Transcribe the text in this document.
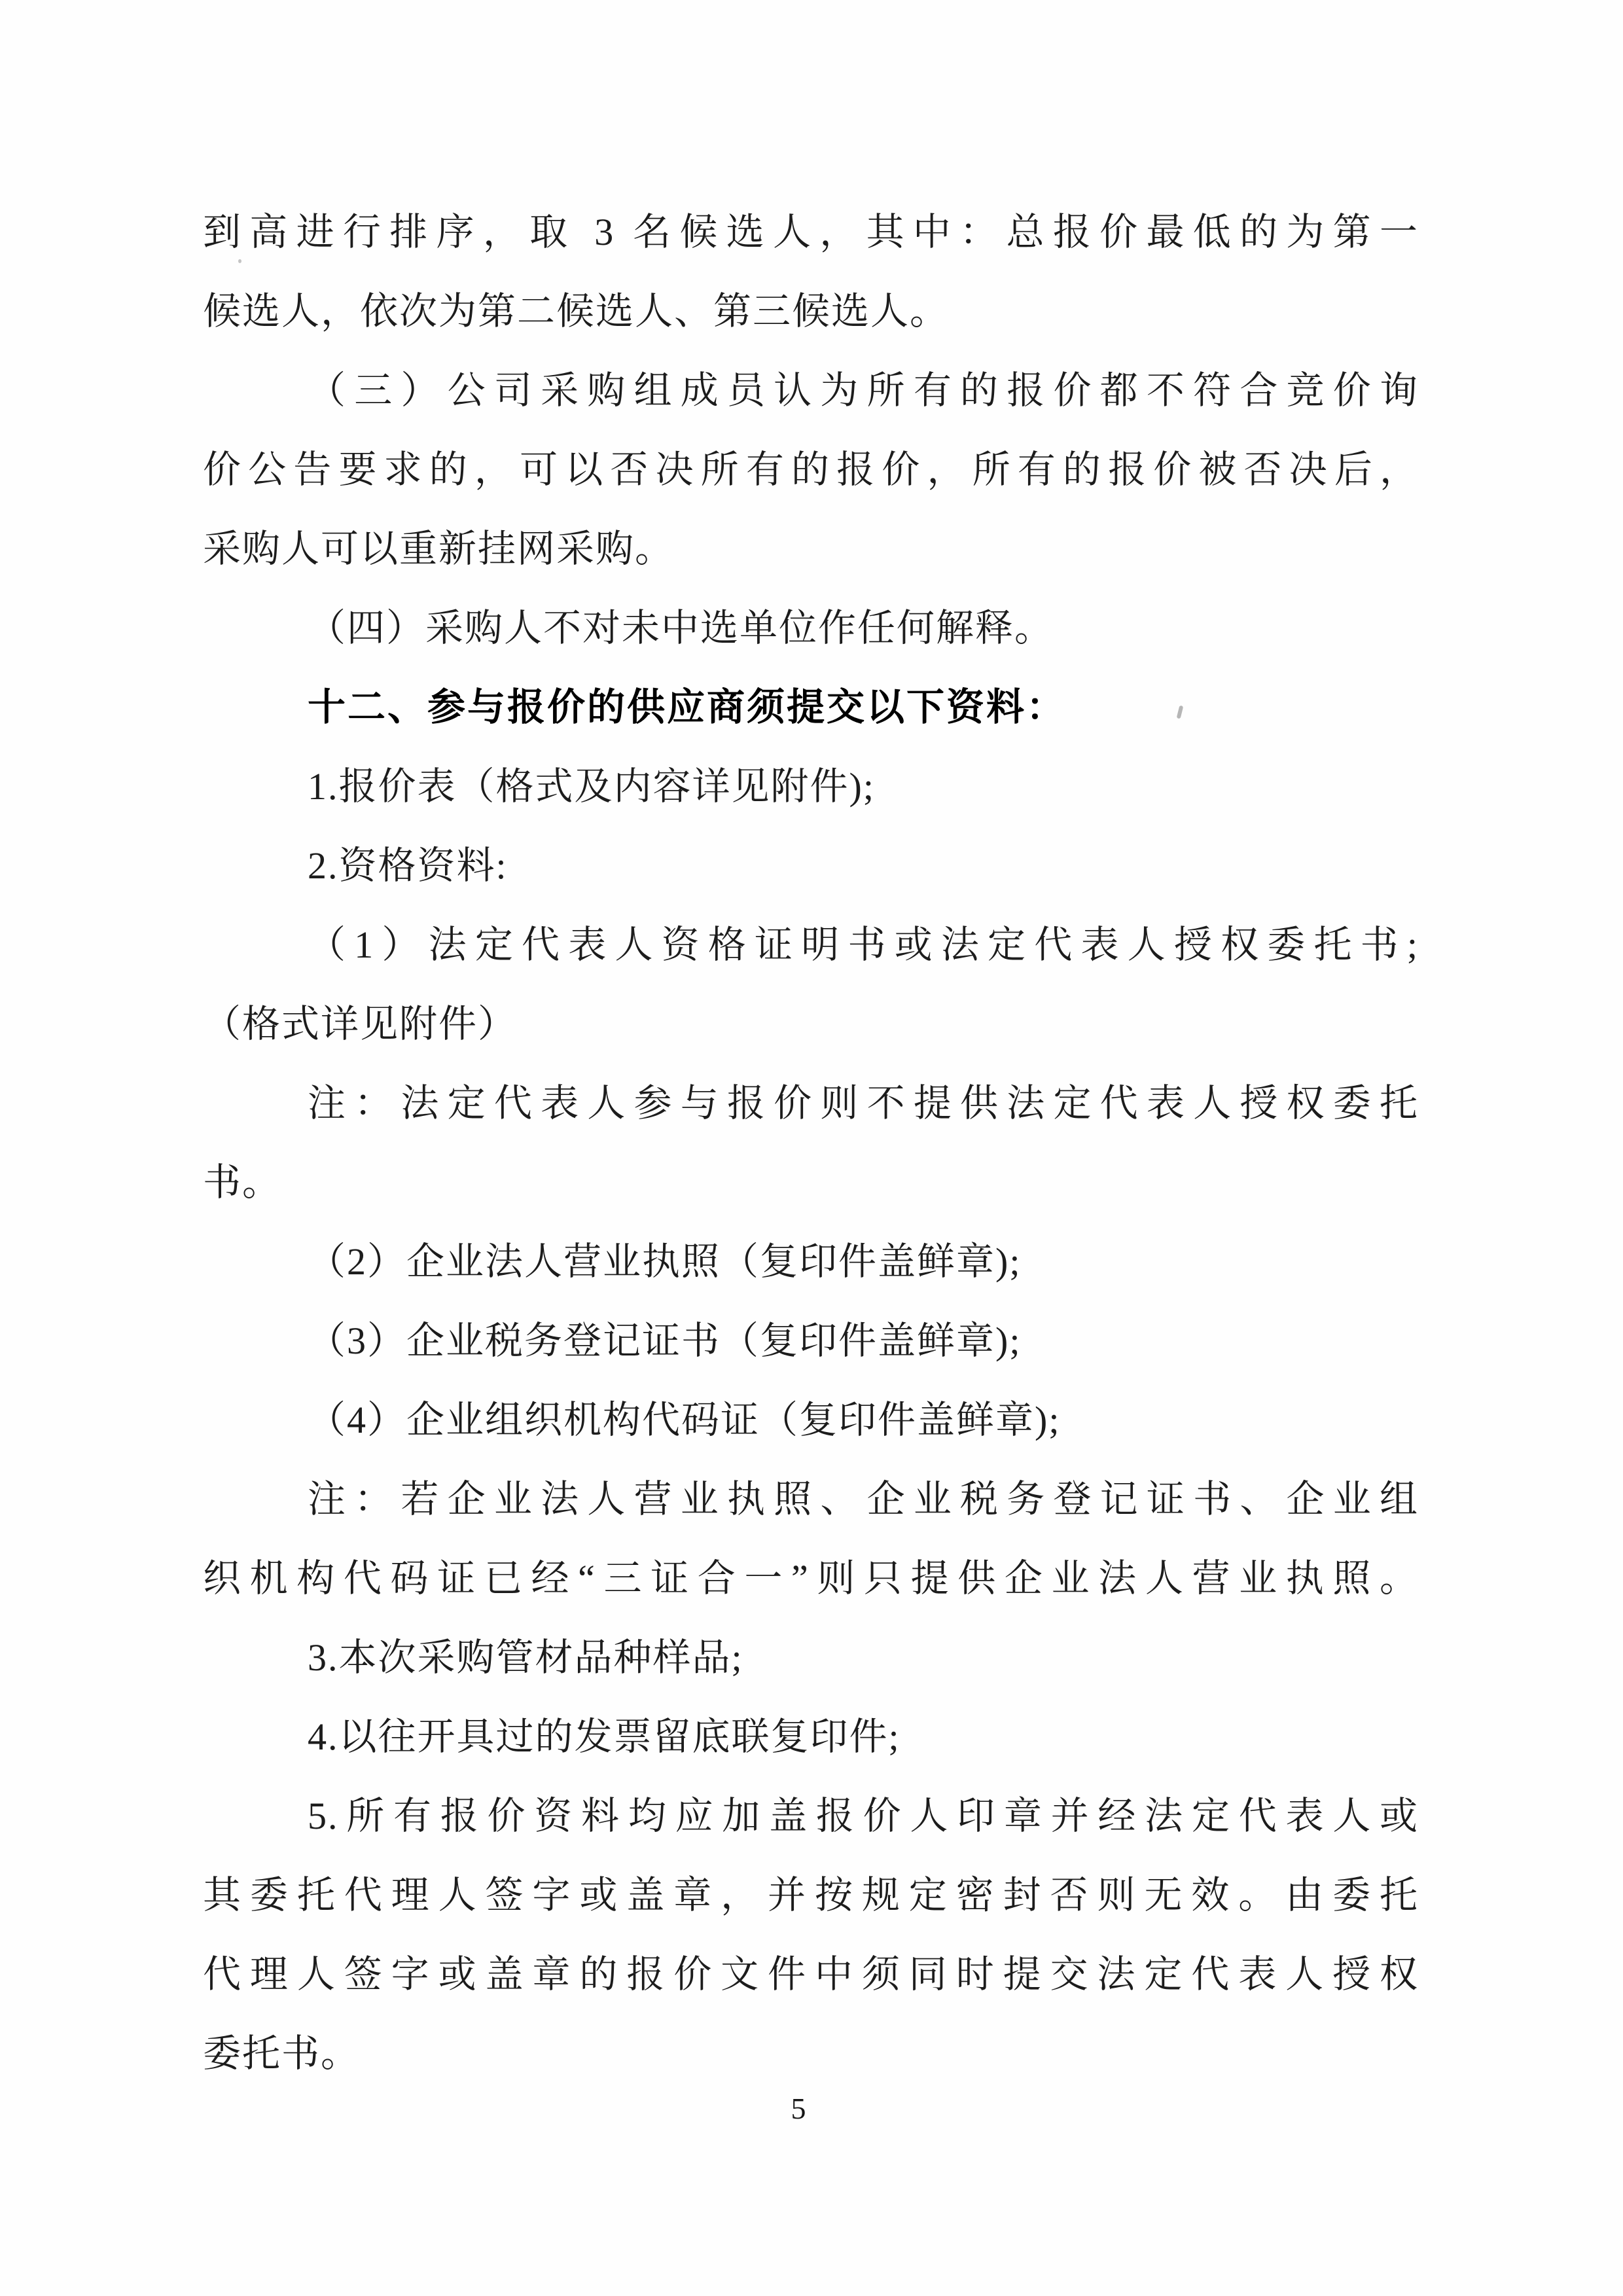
到高进行排序，取 3 名候选人，其中：总报价最低的为第一
候选人，依次为第二候选人、第三候选人。
（三）公司采购组成员认为所有的报价都不符合竞价询
价公告要求的，可以否决所有的报价，所有的报价被否决后，
采购人可以重新挂网采购。
（四）采购人不对未中选单位作任何解释。
十二、参与报价的供应商须提交以下资料：
1.报价表（格式及内容详见附件);
2.资格资料:
（1）法定代表人资格证明书或法定代表人授权委托书;
（格式详见附件）
注：法定代表人参与报价则不提供法定代表人授权委托
书。
（2）企业法人营业执照（复印件盖鲜章);
（3）企业税务登记证书（复印件盖鲜章);
（4）企业组织机构代码证（复印件盖鲜章);
注：若企业法人营业执照、企业税务登记证书、企业组
织机构代码证已经“三证合一”则只提供企业法人营业执照。
3.本次采购管材品种样品;
4.以往开具过的发票留底联复印件;
5.所有报价资料均应加盖报价人印章并经法定代表人或
其委托代理人签字或盖章，并按规定密封否则无效。由委托
代理人签字或盖章的报价文件中须同时提交法定代表人授权
委托书。
5
